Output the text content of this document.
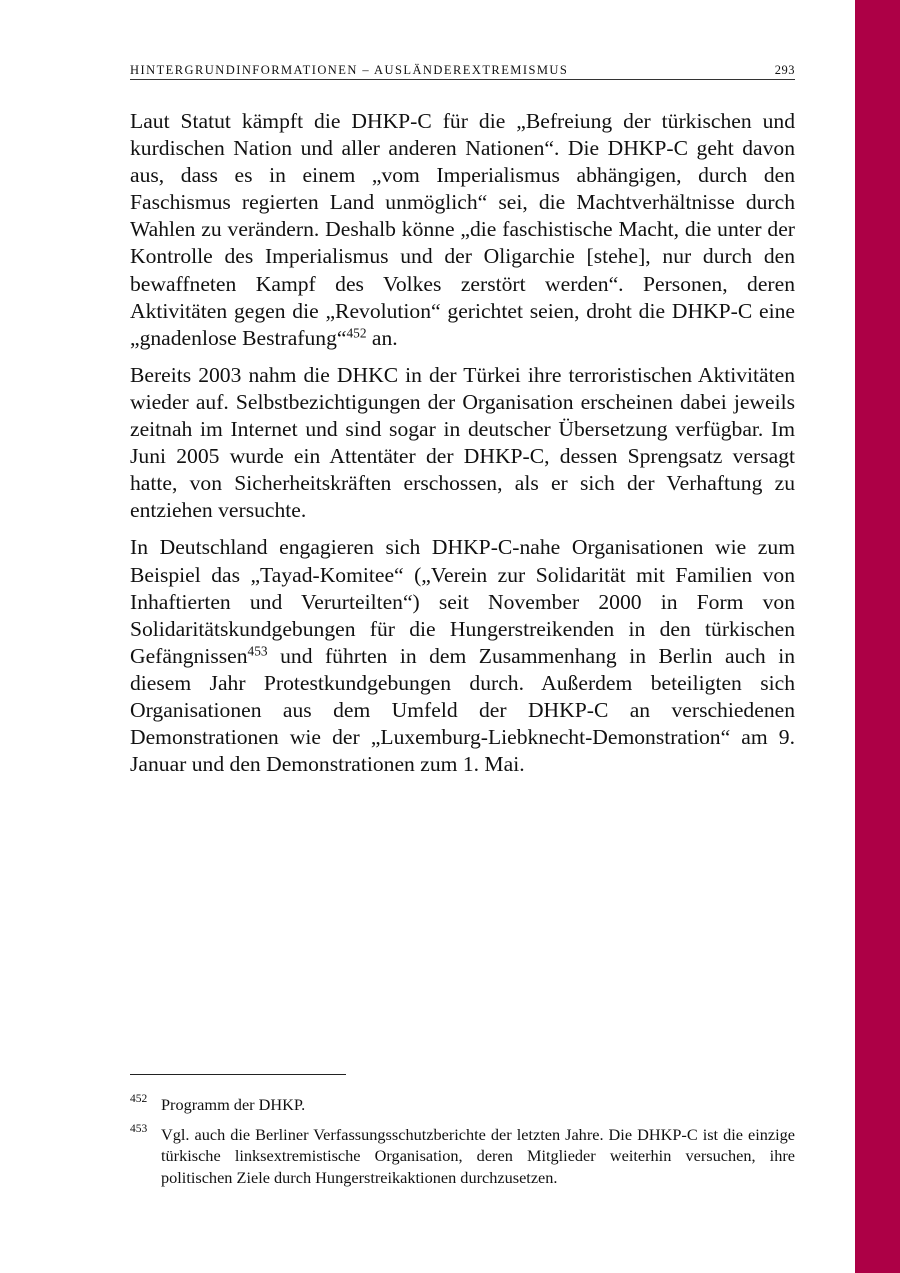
HINTERGRUNDINFORMATIONEN – AUSLÄNDEREXTREMISMUS	293

Laut Statut kämpft die DHKP-C für die „Befreiung der türkischen und kurdischen Nation und aller anderen Nationen“. Die DHKP-C geht davon aus, dass es in einem „vom Imperialismus abhängigen, durch den Faschismus regierten Land unmöglich“ sei, die Machtverhältnisse durch Wahlen zu verändern. Deshalb könne „die faschistische Macht, die unter der Kontrolle des Imperialismus und der Oligarchie [stehe], nur durch den bewaffneten Kampf des Volkes zerstört werden“. Personen, deren Aktivitäten gegen die „Revolution“ gerichtet seien, droht die DHKP-C eine „gnadenlose Bestrafung“$^{452}$ an.

Bereits 2003 nahm die DHKC in der Türkei ihre terroristischen Aktivitäten wieder auf. Selbstbezichtigungen der Organisation erscheinen dabei jeweils zeitnah im Internet und sind sogar in deutscher Übersetzung verfügbar. Im Juni 2005 wurde ein Attentäter der DHKP-C, dessen Sprengsatz versagt hatte, von Sicherheitskräften erschossen, als er sich der Verhaftung zu entziehen versuchte.

In Deutschland engagieren sich DHKP-C-nahe Organisationen wie zum Beispiel das „Tayad-Komitee“ („Verein zur Solidarität mit Familien von Inhaftierten und Verurteilten“) seit November 2000 in Form von Solidaritätskundgebungen für die Hungerstreikenden in den türkischen Gefängnissen$^{453}$ und führten in dem Zusammenhang in Berlin auch in diesem Jahr Protestkundgebungen durch. Außerdem beteiligten sich Organisationen aus dem Umfeld der DHKP-C an verschiedenen Demonstrationen wie der „Luxemburg-Liebknecht-Demonstration“ am 9. Januar und den Demonstrationen zum 1. Mai.

452 Programm der DHKP.
453 Vgl. auch die Berliner Verfassungsschutzberichte der letzten Jahre. Die DHKP-C ist die einzige türkische linksextremistische Organisation, deren Mitglieder weiterhin versuchen, ihre politischen Ziele durch Hungerstreikaktionen durchzusetzen.
